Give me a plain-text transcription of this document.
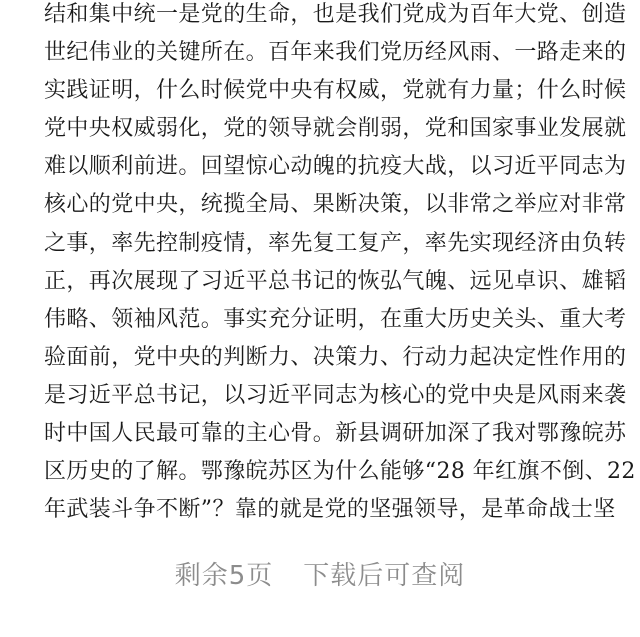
结和集中统一是党的生命，也是我们党成为百年大党、创造
世纪伟业的关键所在。百年来我们党历经风雨、一路走来的
实践证明，什么时候党中央有权威，党就有力量；什么时候
党中央权威弱化，党的领导就会削弱，党和国家事业发展就
难以顺利前进。回望惊心动魄的抗疫大战，以习近平同志为
核心的党中央，统揽全局、果断决策，以非常之举应对非常
之事，率先控制疫情，率先复工复产，率先实现经济由负转
正，再次展现了习近平总书记的恢弘气魄、远见卓识、雄韬
伟略、领袖风范。事实充分证明，在重大历史关头、重大考
验面前，党中央的判断力、决策力、行动力起决定性作用的
是习近平总书记，以习近平同志为核心的党中央是风雨来袭
时中国人民最可靠的主心骨。新县调研加深了我对鄂豫皖苏
区历史的了解。鄂豫皖苏区为什么能够“28 年红旗不倒、22
年武装斗争不断”？靠的就是党的坚强领导，是革命战士坚
剩余5页 下载后可查阅
